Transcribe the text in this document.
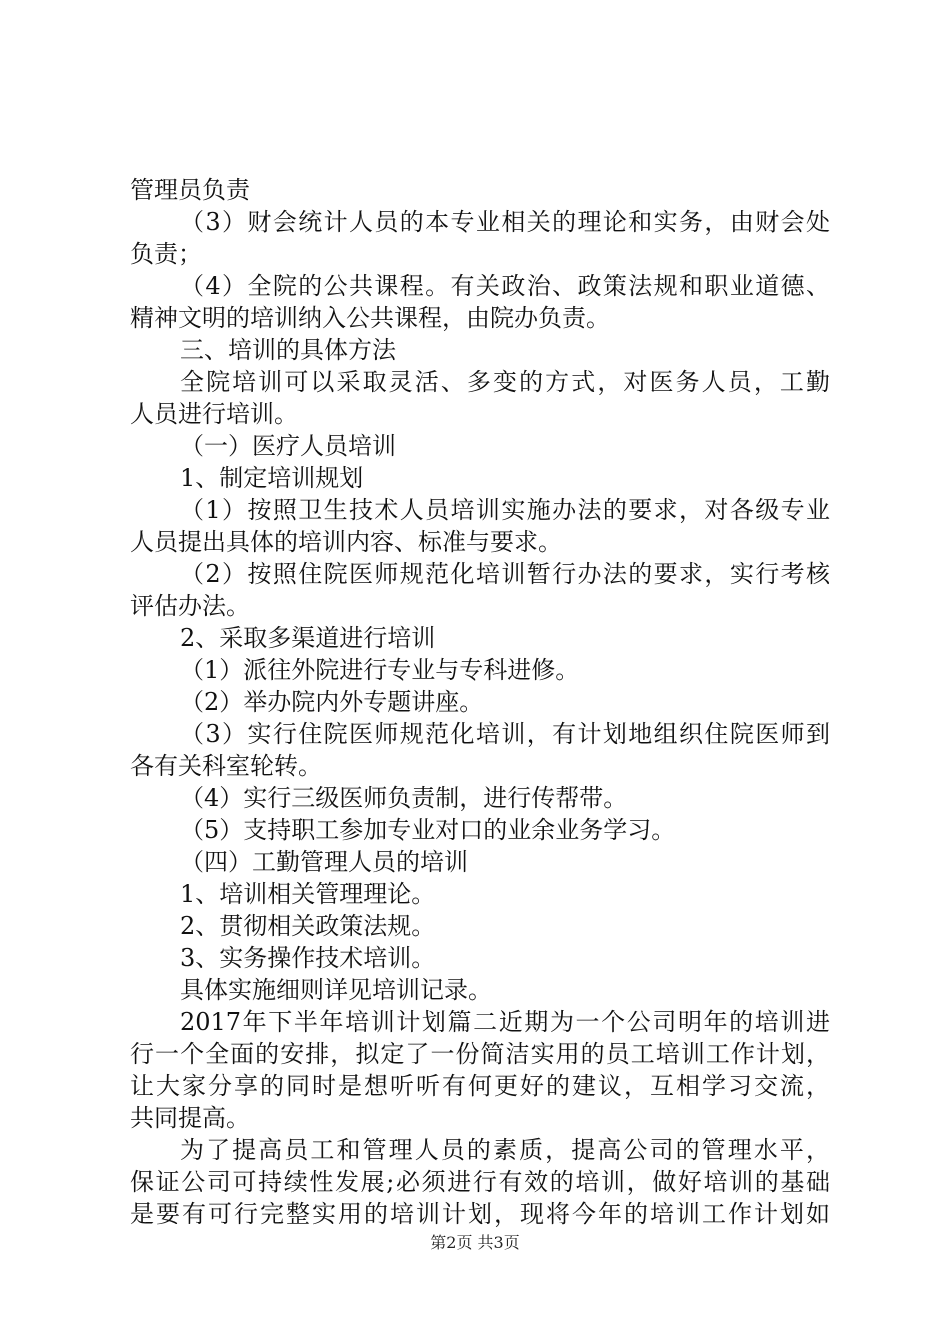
管理员负责
（3）财会统计人员的本专业相关的理论和实务，由财会处
负责；
（4）全院的公共课程。有关政治、政策法规和职业道德、
精神文明的培训纳入公共课程，由院办负责。
三、培训的具体方法
全院培训可以采取灵活、多变的方式，对医务人员，工勤
人员进行培训。
（一）医疗人员培训
1、制定培训规划
（1）按照卫生技术人员培训实施办法的要求，对各级专业
人员提出具体的培训内容、标准与要求。
（2）按照住院医师规范化培训暂行办法的要求，实行考核
评估办法。
2、采取多渠道进行培训
（1）派往外院进行专业与专科进修。
（2）举办院内外专题讲座。
（3）实行住院医师规范化培训，有计划地组织住院医师到
各有关科室轮转。
（4）实行三级医师负责制，进行传帮带。
（5）支持职工参加专业对口的业余业务学习。
（四）工勤管理人员的培训
1、培训相关管理理论。
2、贯彻相关政策法规。
3、实务操作技术培训。
具体实施细则详见培训记录。
2017年下半年培训计划篇二近期为一个公司明年的培训进
行一个全面的安排，拟定了一份简洁实用的员工培训工作计划，
让大家分享的同时是想听听有何更好的建议，互相学习交流，
共同提高。
为了提高员工和管理人员的素质，提高公司的管理水平，
保证公司可持续性发展;必须进行有效的培训，做好培训的基础
是要有可行完整实用的培训计划，现将今年的培训工作计划如
第2页 共3页
